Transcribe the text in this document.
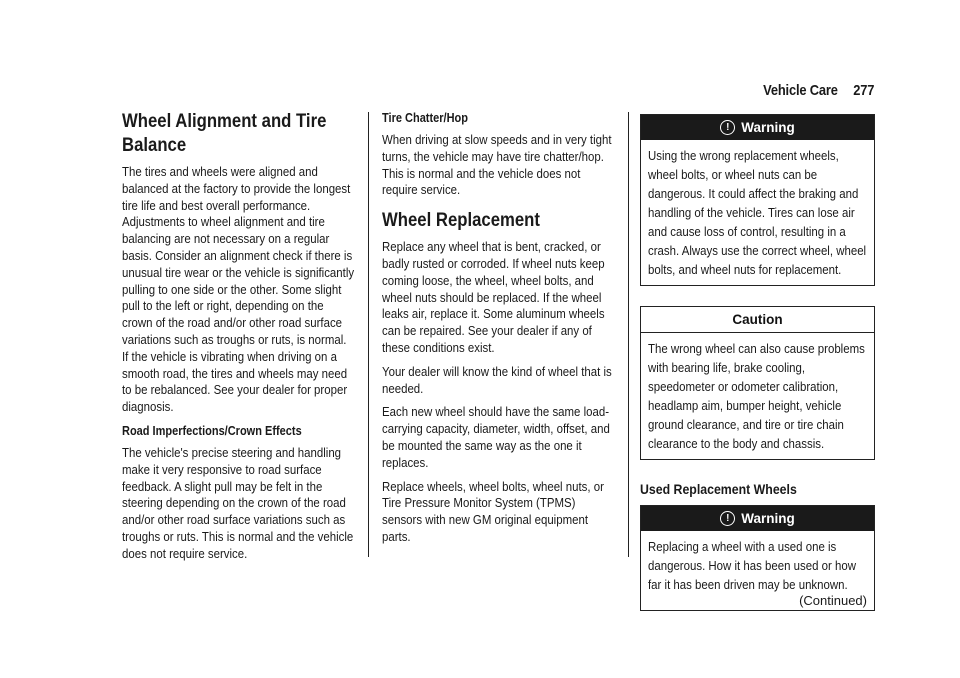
Vehicle Care 277
Wheel Alignment and Tire Balance

The tires and wheels were aligned and balanced at the factory to provide the longest tire life and best overall performance. Adjustments to wheel alignment and tire balancing are not necessary on a regular basis. Consider an alignment check if there is unusual tire wear or the vehicle is significantly pulling to one side or the other. Some slight pull to the left or right, depending on the crown of the road and/or other road surface variations such as troughs or ruts, is normal. If the vehicle is vibrating when driving on a smooth road, the tires and wheels may need to be rebalanced. See your dealer for proper diagnosis.

Road Imperfections/Crown Effects

The vehicle's precise steering and handling make it very responsive to road surface feedback. A slight pull may be felt in the steering depending on the crown of the road and/or other road surface variations such as troughs or ruts. This is normal and the vehicle does not require service.

Tire Chatter/Hop

When driving at slow speeds and in very tight turns, the vehicle may have tire chatter/hop. This is normal and the vehicle does not require service.

Wheel Replacement

Replace any wheel that is bent, cracked, or badly rusted or corroded. If wheel nuts keep coming loose, the wheel, wheel bolts, and wheel nuts should be replaced. If the wheel leaks air, replace it. Some aluminum wheels can be repaired. See your dealer if any of these conditions exist.

Your dealer will know the kind of wheel that is needed.

Each new wheel should have the same load-carrying capacity, diameter, width, offset, and be mounted the same way as the one it replaces.

Replace wheels, wheel bolts, wheel nuts, or Tire Pressure Monitor System (TPMS) sensors with new GM original equipment parts.

! Warning
Using the wrong replacement wheels, wheel bolts, or wheel nuts can be dangerous. It could affect the braking and handling of the vehicle. Tires can lose air and cause loss of control, resulting in a crash. Always use the correct wheel, wheel bolts, and wheel nuts for replacement.
Caution
The wrong wheel can also cause problems with bearing life, brake cooling, speedometer or odometer calibration, headlamp aim, bumper height, vehicle ground clearance, and tire or tire chain clearance to the body and chassis.
Used Replacement Wheels
! Warning
Replacing a wheel with a used one is dangerous. How it has been used or how far it has been driven may be unknown.
(Continued)
